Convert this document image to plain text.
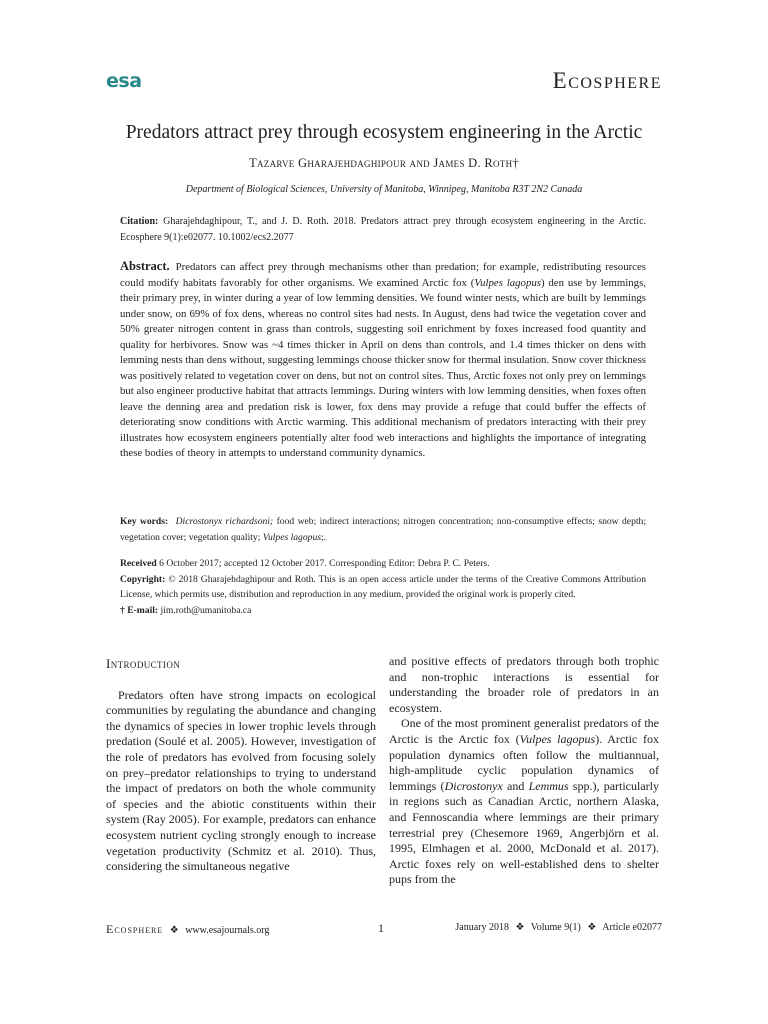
esa	Ecosphere
Predators attract prey through ecosystem engineering in the Arctic
Tazarve Gharajehdaghipour and James D. Roth†
Department of Biological Sciences, University of Manitoba, Winnipeg, Manitoba R3T 2N2 Canada
Citation: Gharajehdaghipour, T., and J. D. Roth. 2018. Predators attract prey through ecosystem engineering in the Arctic. Ecosphere 9(1):e02077. 10.1002/ecs2.2077
Abstract. Predators can affect prey through mechanisms other than predation; for example, redistributing resources could modify habitats favorably for other organisms. We examined Arctic fox (Vulpes lagopus) den use by lemmings, their primary prey, in winter during a year of low lemming densities. We found winter nests, which are built by lemmings under snow, on 69% of fox dens, whereas no control sites had nests. In August, dens had twice the vegetation cover and 50% greater nitrogen content in grass than controls, suggesting soil enrichment by foxes increased food quantity and quality for herbivores. Snow was ~4 times thicker in April on dens than controls, and 1.4 times thicker on dens with lemming nests than dens without, suggesting lemmings choose thicker snow for thermal insulation. Snow cover thickness was positively related to vegetation cover on dens, but not on control sites. Thus, Arctic foxes not only prey on lemmings but also engineer productive habitat that attracts lemmings. During winters with low lemming densities, when foxes often leave the denning area and predation risk is lower, fox dens may provide a refuge that could buffer the effects of deteriorating snow conditions with Arctic warming. This additional mechanism of predators interacting with their prey illustrates how ecosystem engineers potentially alter food web interactions and highlights the importance of integrating these bodies of theory in attempts to understand community dynamics.
Key words: Dicrostonyx richardsoni; food web; indirect interactions; nitrogen concentration; non-consumptive effects; snow depth; vegetation cover; vegetation quality; Vulpes lagopus;.
Received 6 October 2017; accepted 12 October 2017. Corresponding Editor: Debra P. C. Peters.
Copyright: © 2018 Gharajehdaghipour and Roth. This is an open access article under the terms of the Creative Commons Attribution License, which permits use, distribution and reproduction in any medium, provided the original work is properly cited.
† E-mail: jim.roth@umanitoba.ca
Introduction

Predators often have strong impacts on ecological communities by regulating the abundance and changing the dynamics of species in lower trophic levels through predation (Soulé et al. 2005). However, investigation of the role of predators has evolved from focusing solely on prey–predator relationships to trying to understand the impact of predators on both the whole community of species and the abiotic constituents within their system (Ray 2005). For example, predators can enhance ecosystem nutrient cycling strongly enough to increase vegetation productivity (Schmitz et al. 2010). Thus, considering the simultaneous negative

and positive effects of predators through both trophic and non-trophic interactions is essential for understanding the broader role of predators in an ecosystem.

One of the most prominent generalist predators of the Arctic is the Arctic fox (Vulpes lagopus). Arctic fox population dynamics often follow the multiannual, high-amplitude cyclic population dynamics of lemmings (Dicrostonyx and Lemmus spp.), particularly in regions such as Canadian Arctic, northern Alaska, and Fennoscandia where lemmings are their primary terrestrial prey (Chesemore 1969, Angerbjörn et al. 1995, Elmhagen et al. 2000, McDonald et al. 2017). Arctic foxes rely on well-established dens to shelter pups from the

Ecosphere ❖ www.esajournals.org	1	January 2018 ❖ Volume 9(1) ❖ Article e02077
